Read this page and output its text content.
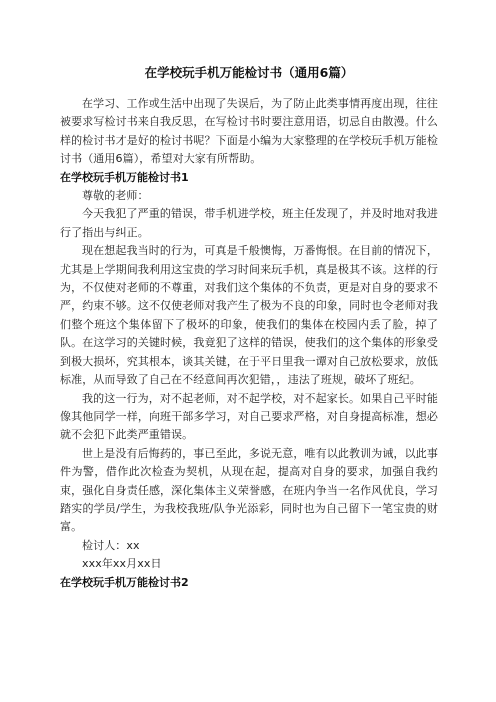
在学校玩手机万能检讨书（通用6篇）

在学习、工作或生活中出现了失误后，为了防止此类事情再度出现，往往被要求写检讨书来自我反思，在写检讨书时要注意用语，切忌自由散漫。什么样的检讨书才是好的检讨书呢？下面是小编为大家整理的在学校玩手机万能检讨书（通用6篇），希望对大家有所帮助。

在学校玩手机万能检讨书1

尊敬的老师：

今天我犯了严重的错误，带手机进学校，班主任发现了，并及时地对我进行了指出与纠正。

现在想起我当时的行为，可真是千般懊悔，万番悔恨。在目前的情况下，尤其是上学期间我利用这宝贵的学习时间来玩手机，真是极其不该。这样的行为，不仅使对老师的不尊重，对我们这个集体的不负责，更是对自身的要求不严，约束不够。这不仅使老师对我产生了极为不良的印象，同时也令老师对我们整个班这个集体留下了极坏的印象，使我们的集体在校园内丢了脸，掉了队。在这学习的关键时候，我竟犯了这样的错误，使我们的这个集体的形象受到极大损坏，究其根本，谈其关键，在于平日里我一谭对自己放松要求，放低标准，从而导致了自己在不经意间再次犯错，，违法了班规，破坏了班纪。

我的这一行为，对不起老师，对不起学校，对不起家长。如果自己平时能像其他同学一样，向班干部多学习，对自己要求严格，对自身提高标准，想必就不会犯下此类严重错误。

世上是没有后悔药的，事已至此，多说无意，唯有以此教训为诫，以此事件为警，借作此次检查为契机，从现在起，提高对自身的要求，加强自我约束，强化自身责任感，深化集体主义荣誉感，在班内争当一名作风优良，学习踏实的学员/学生，为我校我班/队争光添彩，同时也为自己留下一笔宝贵的财富。

检讨人：xx

xxx年xx月xx日

在学校玩手机万能检讨书2
